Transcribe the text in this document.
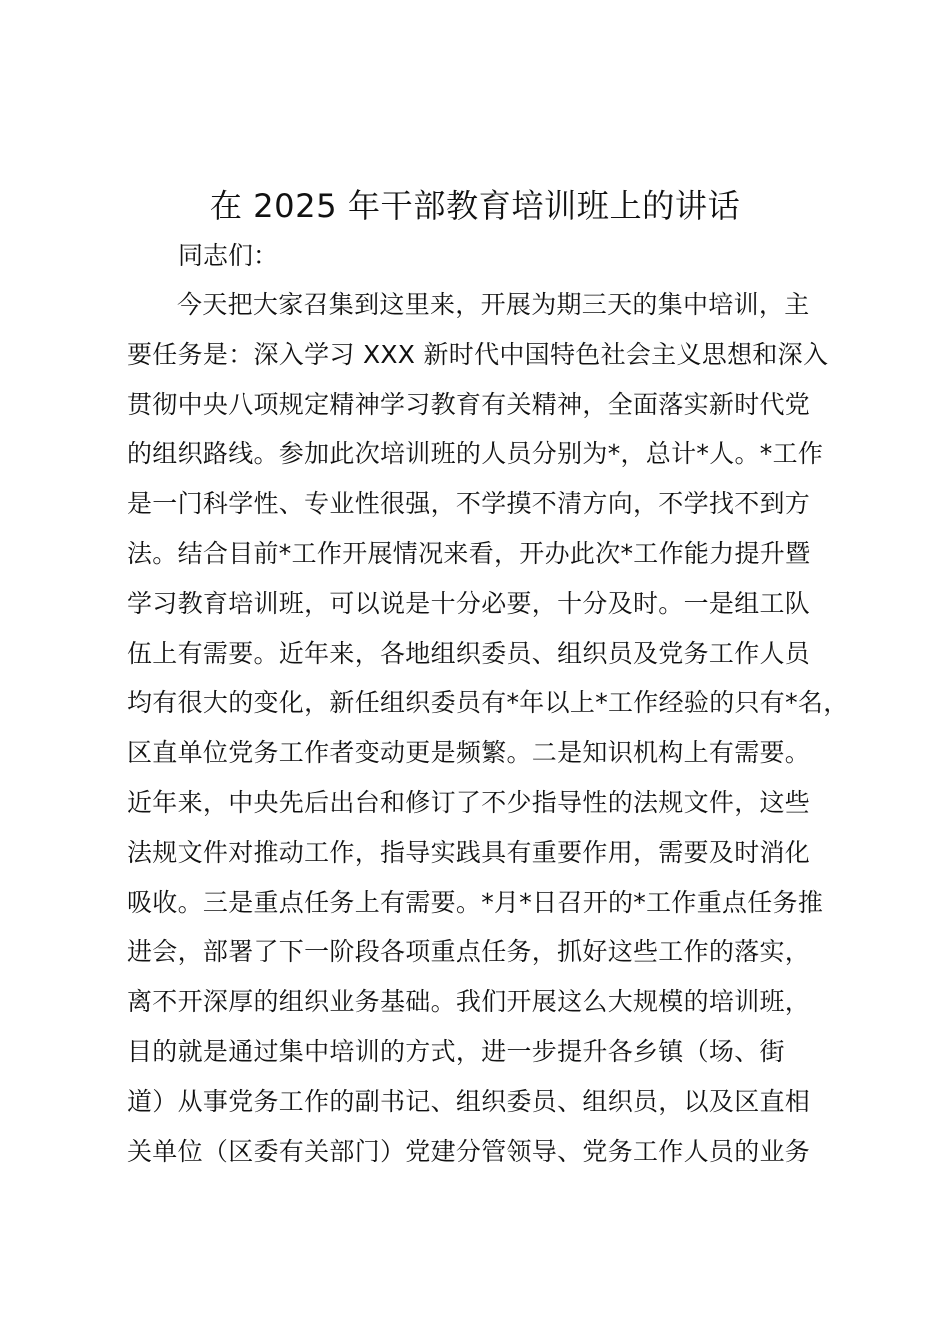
在 2025 年干部教育培训班上的讲话
同志们：
今天把大家召集到这里来，开展为期三天的集中培训，主
要任务是：深入学习 XXX 新时代中国特色社会主义思想和深入
贯彻中央八项规定精神学习教育有关精神，全面落实新时代党
的组织路线。参加此次培训班的人员分别为*，总计*人。*工作
是一门科学性、专业性很强，不学摸不清方向，不学找不到方
法。结合目前*工作开展情况来看，开办此次*工作能力提升暨
学习教育培训班，可以说是十分必要，十分及时。一是组工队
伍上有需要。近年来，各地组织委员、组织员及党务工作人员
均有很大的变化，新任组织委员有*年以上*工作经验的只有*名，
区直单位党务工作者变动更是频繁。二是知识机构上有需要。
近年来，中央先后出台和修订了不少指导性的法规文件，这些
法规文件对推动工作，指导实践具有重要作用，需要及时消化
吸收。三是重点任务上有需要。*月*日召开的*工作重点任务推
进会，部署了下一阶段各项重点任务，抓好这些工作的落实，
离不开深厚的组织业务基础。我们开展这么大规模的培训班，
目的就是通过集中培训的方式，进一步提升各乡镇（场、街
道）从事党务工作的副书记、组织委员、组织员，以及区直相
关单位（区委有关部门）党建分管领导、党务工作人员的业务
